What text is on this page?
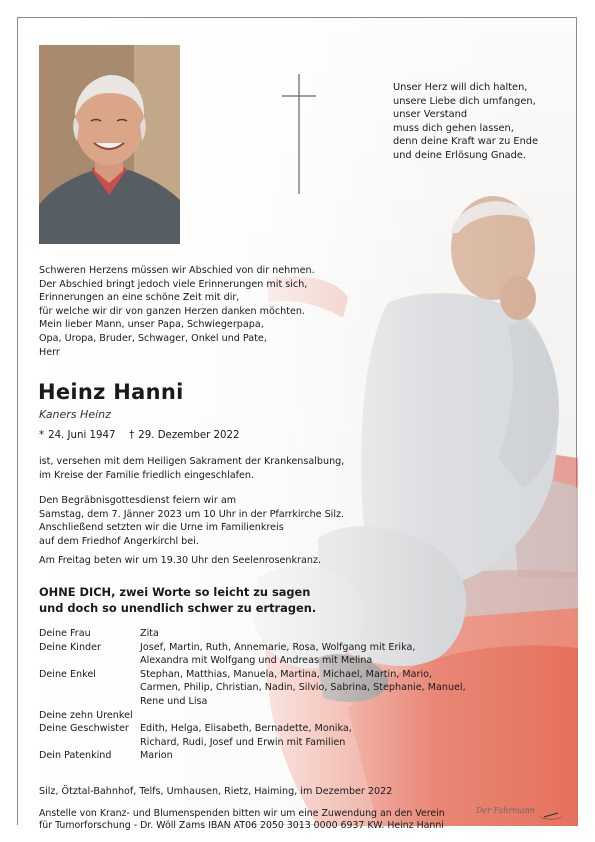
Unser Herz will dich halten,
unsere Liebe dich umfangen,
unser Verstand
muss dich gehen lassen,
denn deine Kraft war zu Ende
und deine Erlösung Gnade.
Schweren Herzens müssen wir Abschied von dir nehmen.
Der Abschied bringt jedoch viele Erinnerungen mit sich,
Erinnerungen an eine schöne Zeit mit dir,
für welche wir dir von ganzen Herzen danken möchten.
Mein lieber Mann, unser Papa, Schwiegerpapa,
Opa, Uropa, Bruder, Schwager, Onkel und Pate,
Herr
Heinz Hanni
Kaners Heinz
* 24. Juni 1947 † 29. Dezember 2022
ist, versehen mit dem Heiligen Sakrament der Krankensalbung,
im Kreise der Familie friedlich eingeschlafen.
Den Begräbnisgottesdienst feiern wir am
Samstag, dem 7. Jänner 2023 um 10 Uhr in der Pfarrkirche Silz.
Anschließend setzten wir die Urne im Familienkreis
auf dem Friedhof Angerkirchl bei.
Am Freitag beten wir um 19.30 Uhr den Seelenrosenkranz.
OHNE DICH, zwei Worte so leicht zu sagen
und doch so unendlich schwer zu ertragen.
Deine Frau	Zita
Deine Kinder	Josef, Martin, Ruth, Annemarie, Rosa, Wolfgang mit Erika,
Alexandra mit Wolfgang und Andreas mit Melina
Deine Enkel	Stephan, Matthias, Manuela, Martina, Michael, Martin, Mario,
Carmen, Philip, Christian, Nadin, Silvio, Sabrina, Stephanie, Manuel,
Rene und Lisa
Deine zehn Urenkel
Deine Geschwister	Edith, Helga, Elisabeth, Bernadette, Monika,
Richard, Rudi, Josef und Erwin mit Familien
Dein Patenkind	Marion
Silz, Ötztal-Bahnhof, Telfs, Umhausen, Rietz, Haiming, im Dezember 2022
Anstelle von Kranz- und Blumenspenden bitten wir um eine Zuwendung an den Verein
für Tumorforschung - Dr. Wöll Zams IBAN AT06 2050 3013 0000 6937 KW. Heinz Hanni
Der Fahrmann
